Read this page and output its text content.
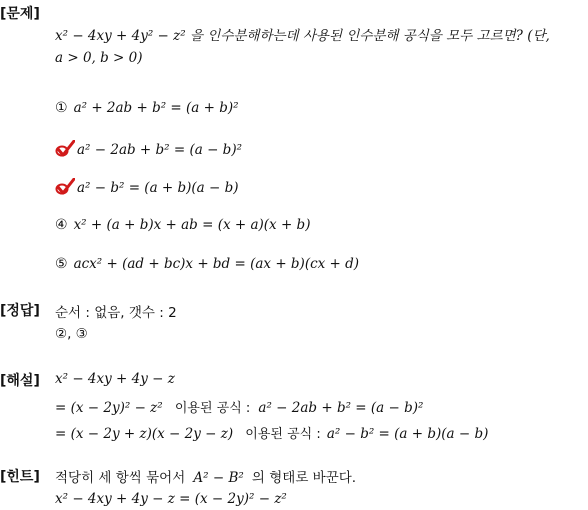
[문제]
x² − 4xy + 4y² − z² 을 인수분해하는데 사용된 인수분해 공식을 모두 고르면? (단,
a > 0, b > 0)
① a² + 2ab + b² = (a + b)²
a² − 2ab + b² = (a − b)²
a² − b² = (a + b)(a − b)
④ x² + (a + b)x + ab = (x + a)(x + b)
⑤ acx² + (ad + bc)x + bd = (ax + b)(cx + d)
[정답] 순서 : 없음, 갯수 : 2
②, ③
[해설] x² − 4xy + 4y − z
= (x − 2y)² − z² 이용된 공식 : a² − 2ab + b² = (a − b)²
= (x − 2y + z)(x − 2y − z) 이용된 공식 : a² − b² = (a + b)(a − b)
[힌트] 적당히 세 항씩 묶어서 A² − B² 의 형태로 바꾼다.
x² − 4xy + 4y − z = (x − 2y)² − z²
